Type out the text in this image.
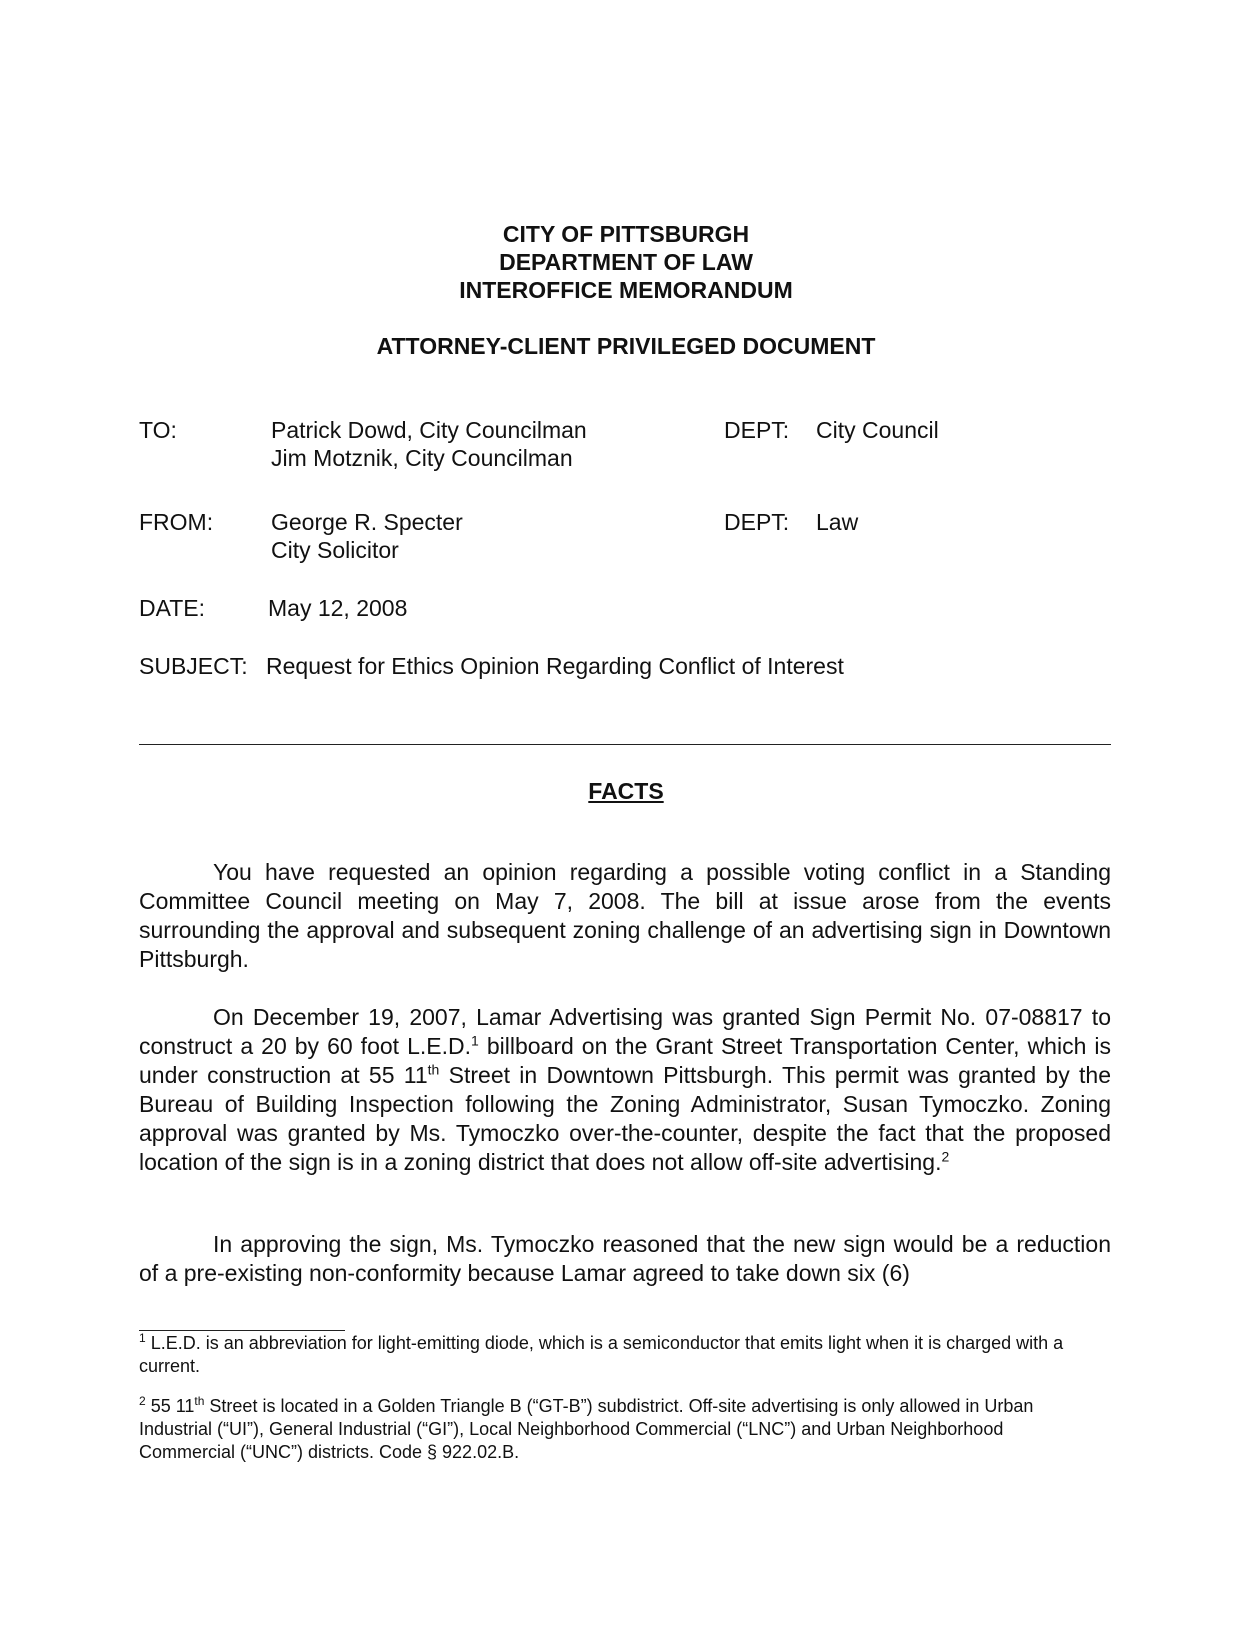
CITY OF PITTSBURGH
DEPARTMENT OF LAW
INTEROFFICE MEMORANDUM
ATTORNEY-CLIENT PRIVILEGED DOCUMENT
TO:	Patrick Dowd, City Councilman
Jim Motznik, City Councilman
DEPT: City Council
FROM:	George R. Specter
City Solicitor
DEPT: Law
DATE:	May 12, 2008
SUBJECT: Request for Ethics Opinion Regarding Conflict of Interest
FACTS

You have requested an opinion regarding a possible voting conflict in a Standing Committee Council meeting on May 7, 2008. The bill at issue arose from the events surrounding the approval and subsequent zoning challenge of an advertising sign in Downtown Pittsburgh.

On December 19, 2007, Lamar Advertising was granted Sign Permit No. 07-08817 to construct a 20 by 60 foot L.E.D.$^1$ billboard on the Grant Street Transportation Center, which is under construction at 55 11th Street in Downtown Pittsburgh. This permit was granted by the Bureau of Building Inspection following the Zoning Administrator, Susan Tymoczko. Zoning approval was granted by Ms. Tymoczko over-the-counter, despite the fact that the proposed location of the sign is in a zoning district that does not allow off-site advertising.$^2$

In approving the sign, Ms. Tymoczko reasoned that the new sign would be a reduction of a pre-existing non-conformity because Lamar agreed to take down six (6)

$^1$ L.E.D. is an abbreviation for light-emitting diode, which is a semiconductor that emits light when it is charged with a current.

$^2$ 55 11th Street is located in a Golden Triangle B (“GT-B”) subdistrict. Off-site advertising is only allowed in Urban Industrial (“UI”), General Industrial (“GI”), Local Neighborhood Commercial (“LNC”) and Urban Neighborhood Commercial (“UNC”) districts. Code § 922.02.B.
